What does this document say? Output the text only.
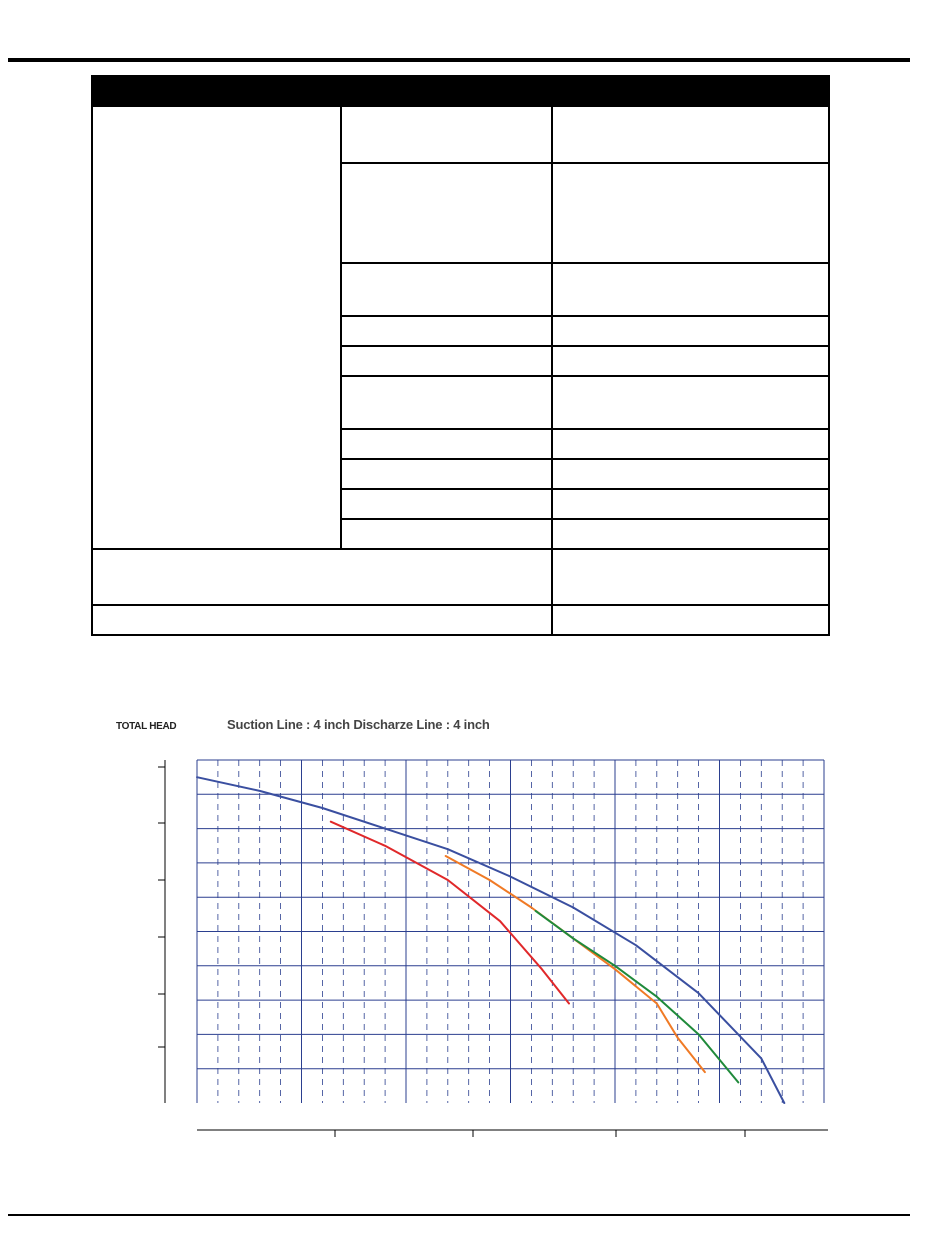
TOTAL HEAD	Suction Line : 4 inch Discharze Line : 4 inch
